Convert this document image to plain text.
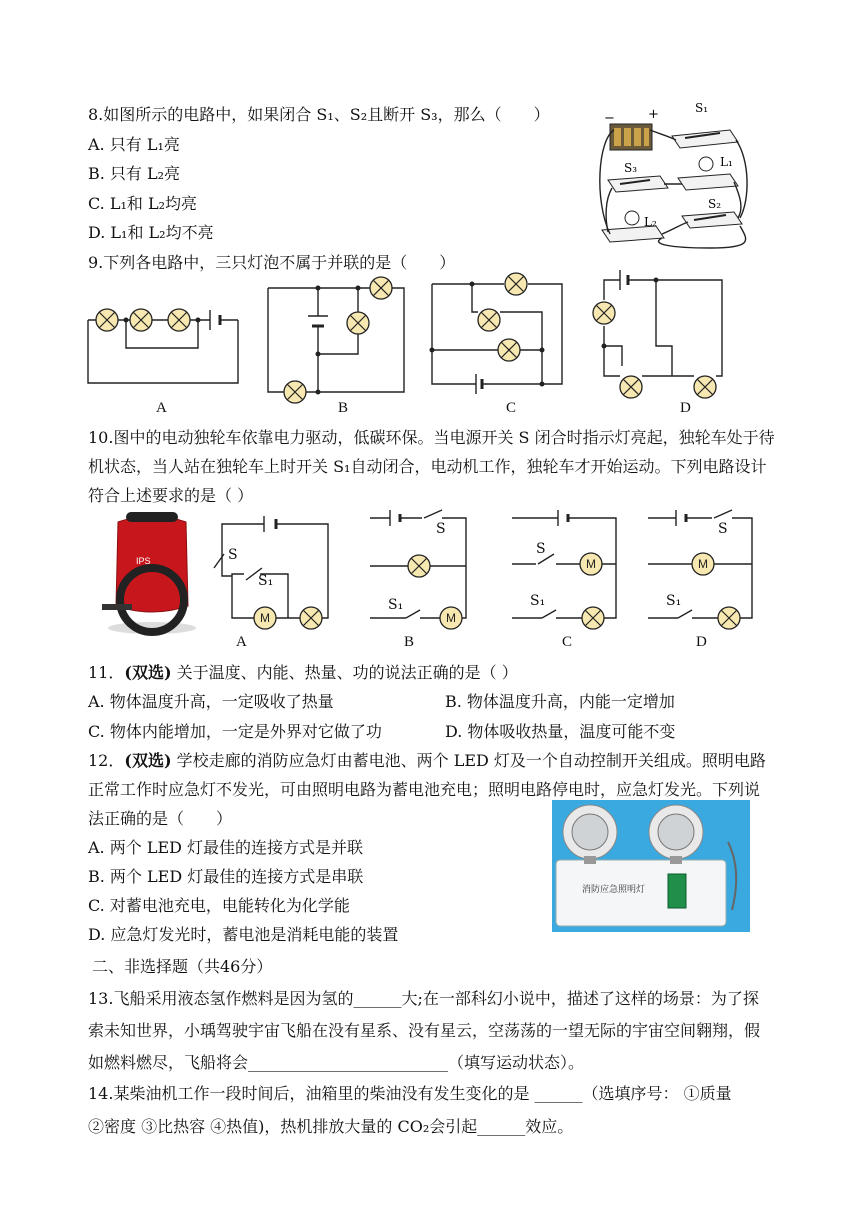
8.如图所示的电路中，如果闭合 S₁、S₂且断开 S₃，那么（　　）
A. 只有 L₁亮
B. 只有 L₂亮
C. L₁和 L₂均亮
D. L₁和 L₂均不亮
−	+	S₁
S₃	L₁
S₂
L₂
9.下列各电路中，三只灯泡不属于并联的是（　　）
A	B	C	D
10.图中的电动独轮车依靠电力驱动，低碳环保。当电源开关 S 闭合时指示灯亮起，独轮车处于待
机状态，当人站在独轮车上时开关 S₁自动闭合，电动机工作，独轮车才开始运动。下列电路设计
符合上述要求的是（ ）
IPS
M
S
S₁
A
M
S
S₁
B
M
S
S₁
C
M
S
S₁
D
11．(双选) 关于温度、内能、热量、功的说法正确的是（ ）
A. 物体温度升高，一定吸收了热量	B. 物体温度升高，内能一定增加
C. 物体内能增加，一定是外界对它做了功	D. 物体吸收热量，温度可能不变
12．(双选) 学校走廊的消防应急灯由蓄电池、两个 LED 灯及一个自动控制开关组成。照明电路
正常工作时应急灯不发光，可由照明电路为蓄电池充电；照明电路停电时，应急灯发光。下列说
法正确的是（　　）
A. 两个 LED 灯最佳的连接方式是并联
B. 两个 LED 灯最佳的连接方式是串联
C. 对蓄电池充电，电能转化为化学能
D. 应急灯发光时，蓄电池是消耗电能的装置
消防应急照明灯
二、非选择题（共46分）
13.飞船采用液态氢作燃料是因为氢的______大;在一部科幻小说中，描述了这样的场景：为了探
索未知世界，小瑀驾驶宇宙飞船在没有星系、没有星云，空荡荡的一望无际的宇宙空间翱翔，假
如燃料燃尽，飞船将会_________________________（填写运动状态）。
14.某柴油机工作一段时间后，油箱里的柴油没有发生变化的是 ______（选填序号： ①质量
②密度 ③比热容 ④热值)，热机排放大量的 CO₂会引起______效应。
